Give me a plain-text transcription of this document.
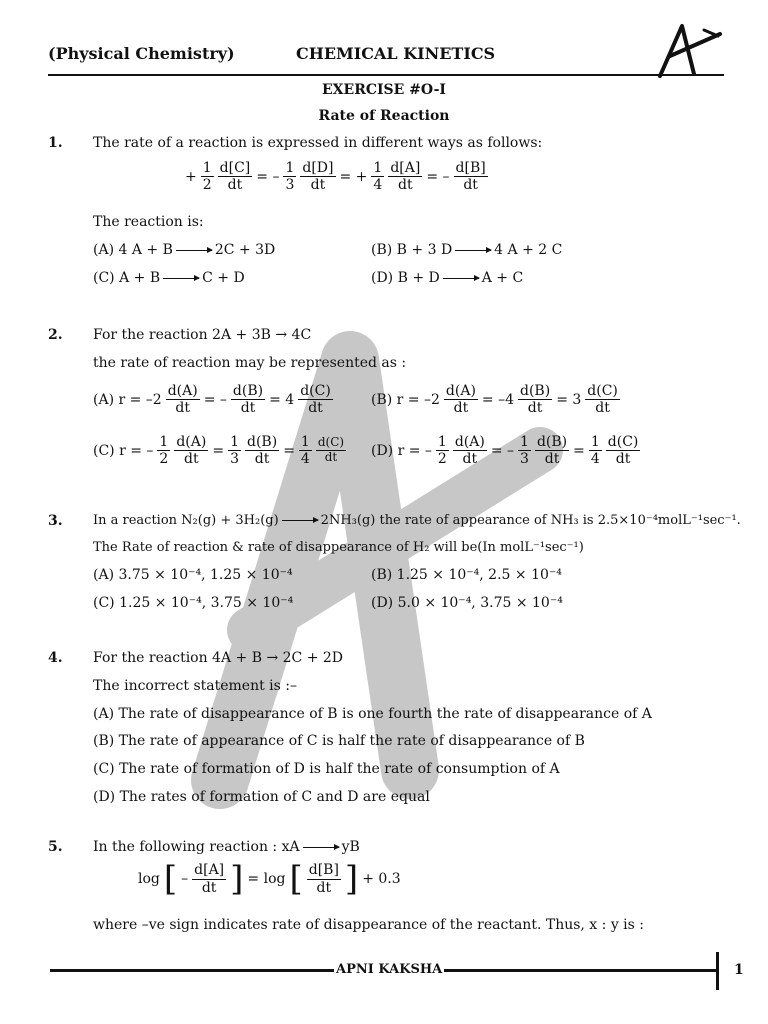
(Physical Chemistry)	CHEMICAL KINETICS
EXERCISE #O-I
Rate of Reaction
1. The rate of a reaction is expressed in different ways as follows:
+ $\frac{1}{2} \frac{d[C]}{dt}$ = – $\frac{1}{3} \frac{d[D]}{dt}$ = + $\frac{1}{4} \frac{d[A]}{dt}$ = – $\frac{d[B]}{dt}$
The reaction is:
(A) 4 A + B → 2C + 3D	(B) B + 3 D → 4 A + 2 C
(C) A + B → C + D	(D) B + D → A + C
2. For the reaction 2A + 3B → 4C
the rate of reaction may be represented as :
(A) $r = -2 \frac{d(A)}{dt}$ = – $\frac{d(B)}{dt} = 4 \frac{d(C)}{dt}$	(B) $r = -2 \frac{d(A)}{dt} = -4 \frac{d(B)}{dt} = 3 \frac{d(C)}{dt}$
(C) r = – $\frac{1}{2} \frac{d(A)}{dt} = \frac{1}{3} \frac{d(B)}{dt} = \frac{1}{4} \frac{d(C)}{dt} (D) r$ = – $\frac{1}{2} \frac{d(A)}{dt}$ = – $\frac{1}{3} \frac{d(B)}{dt} = \frac{1}{4} \frac{d(C)}{dt}$
3. In a reaction N₂(g) + 3H₂(g) → 2NH₃(g) the rate of appearance of NH₃ is 2.5×10⁻⁴molL⁻¹sec⁻¹.
The Rate of reaction & rate of disappearance of H₂ will be(In molL⁻¹sec⁻¹)
(A) 3.75 × 10⁻⁴, 1.25 × 10⁻⁴	(B) 1.25 × 10⁻⁴, 2.5 × 10⁻⁴
(C) 1.25 × 10⁻⁴, 3.75 × 10⁻⁴	(D) 5.0 × 10⁻⁴, 3.75 × 10⁻⁴
4. For the reaction 4A + B → 2C + 2D
The incorrect statement is :–
(A) The rate of disappearance of B is one fourth the rate of disappearance of A
(B) The rate of appearance of C is half the rate of disappearance of B
(C) The rate of formation of D is half the rate of consumption of A
(D) The rates of formation of C and D are equal
5. In the following reaction : xA → yB
log [ – $\frac{d[A]}{dt}$ ] = log [ $\frac{d[B]}{dt}$ ] + 0.3
where –ve sign indicates rate of disappearance of the reactant. Thus, x : y is :
APNI KAKSHA	1
